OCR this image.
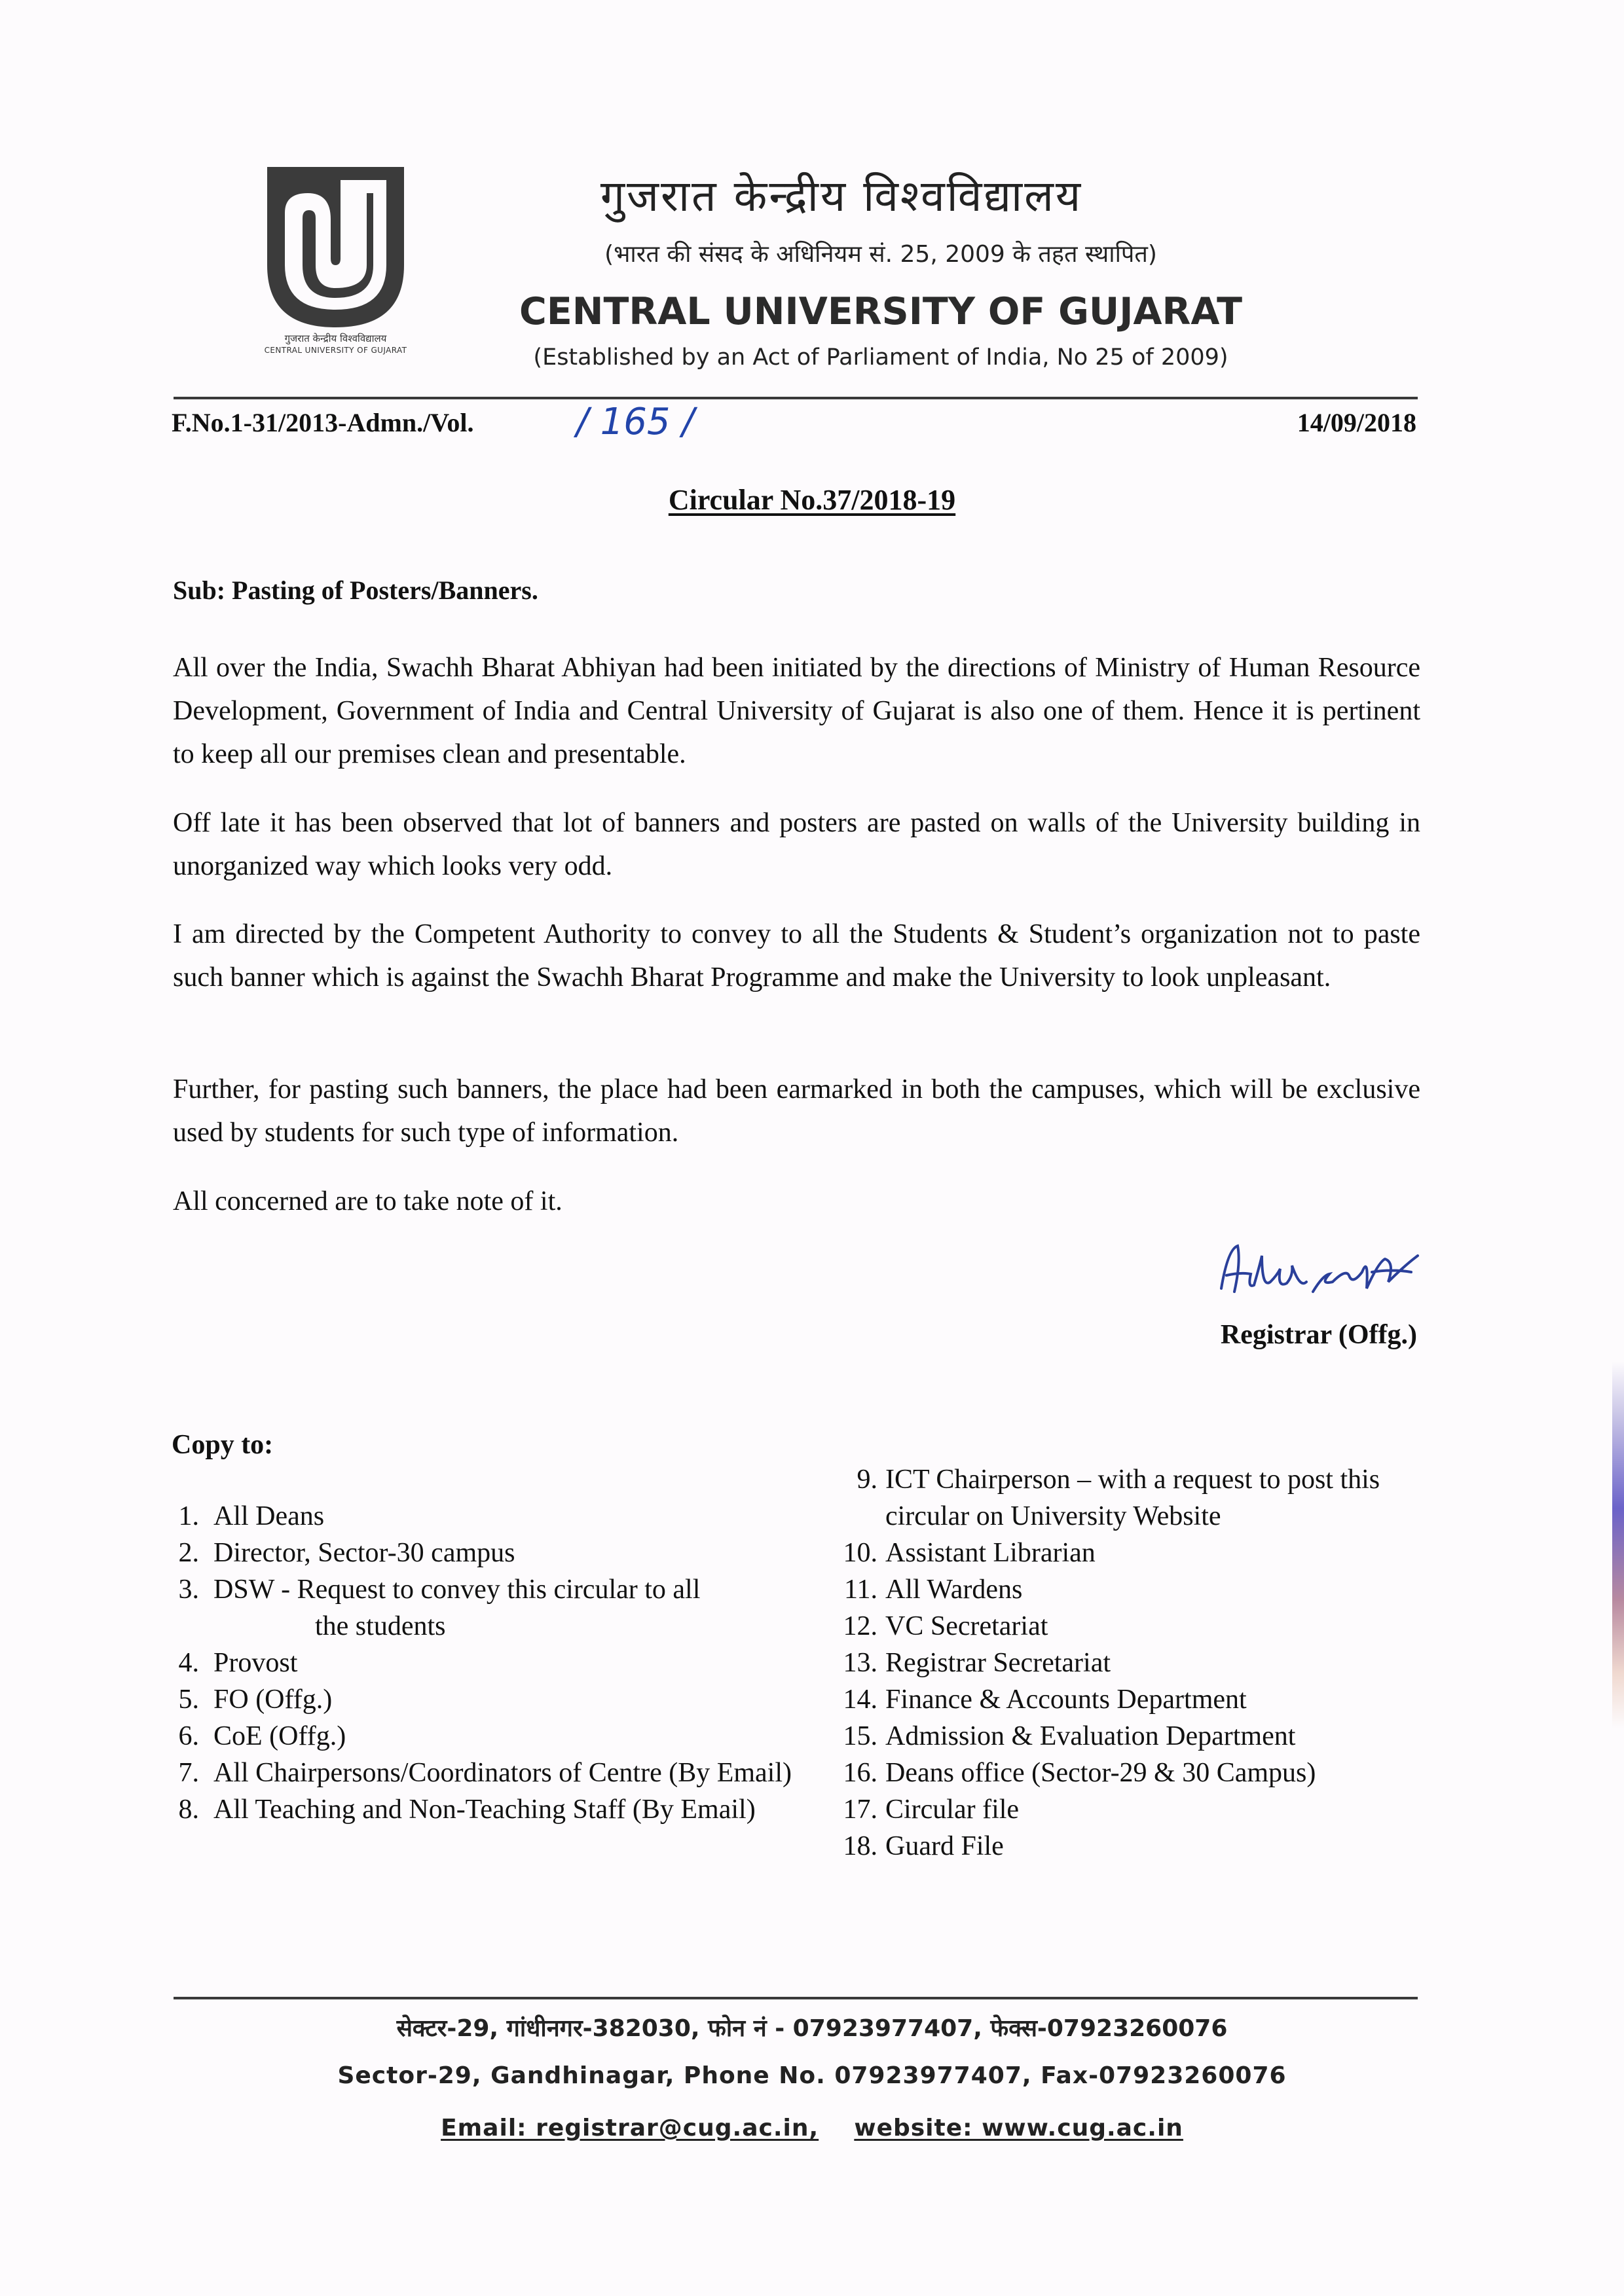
गुजरात केन्द्रीय विश्वविद्यालय
CENTRAL UNIVERSITY OF GUJARAT
गुजरात केन्द्रीय विश्वविद्यालय
(भारत की संसद के अधिनियम सं. 25, 2009 के तहत स्थापित)
CENTRAL UNIVERSITY OF GUJARAT
(Established by an Act of Parliament of India, No 25 of 2009)
F.No.1-31/2013-Admn./Vol.	/ 165 /	14/09/2018
Circular No.37/2018-19
Sub: Pasting of Posters/Banners.
All over the India, Swachh Bharat Abhiyan had been initiated by the directions of Ministry of Human Resource Development, Government of India and Central University of Gujarat is also one of them. Hence it is pertinent to keep all our premises clean and presentable.
Off late it has been observed that lot of banners and posters are pasted on walls of the University building in unorganized way which looks very odd.
I am directed by the Competent Authority to convey to all the Students & Student’s organization not to paste such banner which is against the Swachh Bharat Programme and make the University to look unpleasant.
Further, for pasting such banners, the place had been earmarked in both the campuses, which will be exclusive used by students for such type of information.
All concerned are to take note of it.
Registrar (Offg.)
Copy to:
1. All Deans
2. Director, Sector-30 campus
3. DSW - Request to convey this circular to all
the students
4. Provost
5. FO (Offg.)
6. CoE (Offg.)
7. All Chairpersons/Coordinators of Centre (By Email)
8. All Teaching and Non-Teaching Staff (By Email)
9. ICT Chairperson – with a request to post this circular on University Website
10. Assistant Librarian
11. All Wardens
12. VC Secretariat
13. Registrar Secretariat
14. Finance & Accounts Department
15. Admission & Evaluation Department
16. Deans office (Sector-29 & 30 Campus)
17. Circular file
18. Guard File
सेक्टर-29, गांधीनगर-382030, फोन नं - 07923977407, फेक्स-07923260076
Sector-29, Gandhinagar, Phone No. 07923977407, Fax-07923260076
Email: registrar@cug.ac.in, website: www.cug.ac.in
